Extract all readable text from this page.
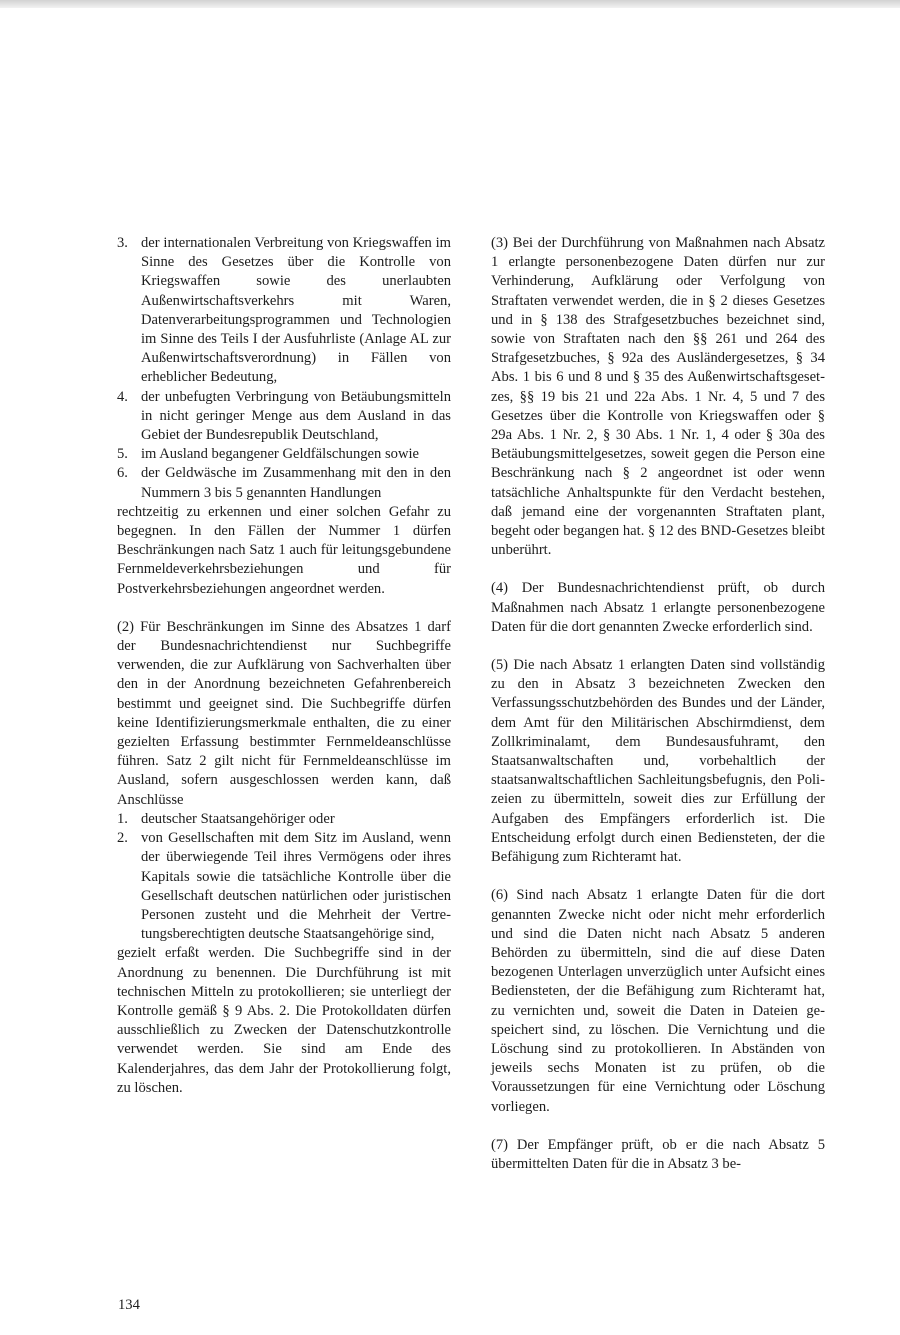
3. der internationalen Verbreitung von Kriegswaffen im Sinne des Gesetzes über die Kontrolle von Kriegswaffen sowie des unerlaubten Außenwirtschaftsverkehrs mit Waren, Datenverarbeitungsprogrammen und Technologien im Sinne des Teils I der Ausfuhrliste (Anlage AL zur Außenwirtschaftsverordnung) in Fällen von erheblicher Bedeutung,
4. der unbefugten Verbringung von Betäubungsmitteln in nicht geringer Menge aus dem Ausland in das Gebiet der Bundesrepublik Deutschland,
5. im Ausland begangener Geldfälschungen sowie
6. der Geldwäsche im Zusammenhang mit den in den Nummern 3 bis 5 genannten Handlungen

rechtzeitig zu erkennen und einer solchen Gefahr zu begegnen. In den Fällen der Nummer 1 dürfen Beschränkungen nach Satz 1 auch für leitungsgebundene Fernmeldeverkehrsbeziehungen und für Postverkehrsbeziehungen angeordnet werden.

(2) Für Beschränkungen im Sinne des Absatzes 1 darf der Bundesnachrichtendienst nur Suchbegriffe verwenden, die zur Aufklärung von Sachverhalten über den in der Anordnung bezeichneten Gefahrenbereich bestimmt und geeignet sind. Die Suchbegriffe dürfen keine Identifizierungsmerkmale enthalten, die zu einer gezielten Erfassung bestimmter Fernmeldeanschlüsse führen. Satz 2 gilt nicht für Fernmeldeanschlüsse im Ausland, sofern ausgeschlossen werden kann, daß Anschlüsse

1. deutscher Staatsangehöriger oder
2. von Gesellschaften mit dem Sitz im Ausland, wenn der überwiegende Teil ihres Vermögens oder ihres Kapitals sowie die tatsächliche Kontrolle über die Gesellschaft deutschen natürlichen oder juristischen Personen zusteht und die Mehrheit der Vertretungsberechtigten deutsche Staatsangehörige sind,

gezielt erfaßt werden. Die Suchbegriffe sind in der Anordnung zu benennen. Die Durchführung ist mit technischen Mitteln zu protokollieren; sie unterliegt der Kontrolle gemäß § 9 Abs. 2. Die Protokolldaten dürfen ausschließlich zu Zwecken der Datenschutzkontrolle verwendet werden. Sie sind am Ende des Kalenderjahres, das dem Jahr der Protokollierung folgt, zu löschen.

(3) Bei der Durchführung von Maßnahmen nach Absatz 1 erlangte personenbezogene Daten dürfen nur zur Verhinderung, Aufklärung oder Verfolgung von Straftaten verwendet werden, die in § 2 dieses Gesetzes und in § 138 des Strafgesetzbuches bezeichnet sind, sowie von Straftaten nach den §§ 261 und 264 des Strafgesetzbuches, § 92a des Ausländergesetzes, § 34 Abs. 1 bis 6 und 8 und § 35 des Außenwirtschaftsgesetzes, §§ 19 bis 21 und 22a Abs. 1 Nr. 4, 5 und 7 des Gesetzes über die Kontrolle von Kriegswaffen oder § 29a Abs. 1 Nr. 2, § 30 Abs. 1 Nr. 1, 4 oder § 30a des Betäubungsmittelgesetzes, soweit gegen die Person eine Beschränkung nach § 2 angeordnet ist oder wenn tatsächliche Anhaltspunkte für den Verdacht bestehen, daß jemand eine der vorgenannten Straftaten plant, begeht oder begangen hat. § 12 des BND-Gesetzes bleibt unberührt.

(4) Der Bundesnachrichtendienst prüft, ob durch Maßnahmen nach Absatz 1 erlangte personenbezogene Daten für die dort genannten Zwecke erforderlich sind.

(5) Die nach Absatz 1 erlangten Daten sind vollständig zu den in Absatz 3 bezeichneten Zwecken den Verfassungsschutzbehörden des Bundes und der Länder, dem Amt für den Militärischen Abschirmdienst, dem Zollkriminalamt, dem Bundesausfuhramt, den Staatsanwaltschaften und, vorbehaltlich der staatsanwaltschaftlichen Sachleitungsbefugnis, den Polizeien zu übermitteln, soweit dies zur Erfüllung der Aufgaben des Empfängers erforderlich ist. Die Entscheidung erfolgt durch einen Bediensteten, der die Befähigung zum Richteramt hat.

(6) Sind nach Absatz 1 erlangte Daten für die dort genannten Zwecke nicht oder nicht mehr erforderlich und sind die Daten nicht nach Absatz 5 anderen Behörden zu übermitteln, sind die auf diese Daten bezogenen Unterlagen unverzüglich unter Aufsicht eines Bediensteten, der die Befähigung zum Richteramt hat, zu vernichten und, soweit die Daten in Dateien gespeichert sind, zu löschen. Die Vernichtung und die Löschung sind zu protokollieren. In Abständen von jeweils sechs Monaten ist zu prüfen, ob die Voraussetzungen für eine Vernichtung oder Löschung vorliegen.

(7) Der Empfänger prüft, ob er die nach Absatz 5 übermittelten Daten für die in Absatz 3 be-

134
